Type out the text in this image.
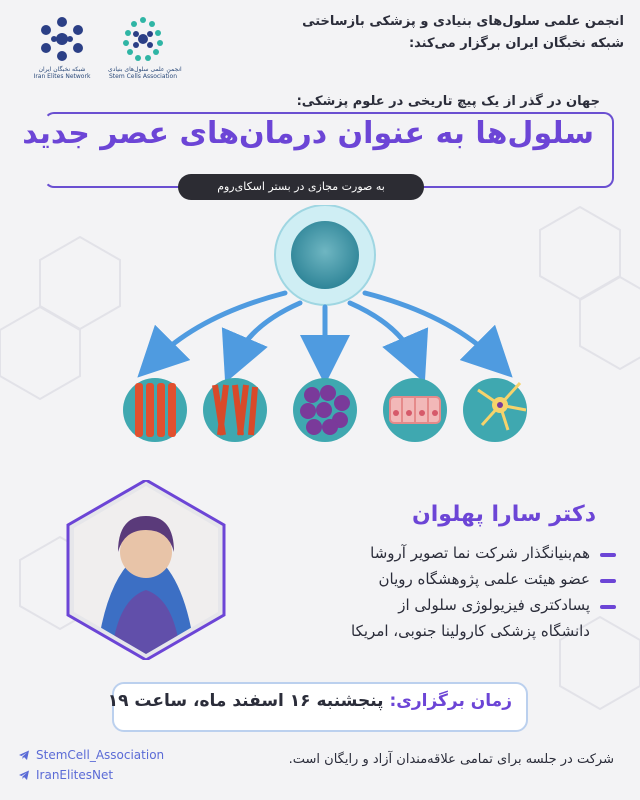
انجمن علمی سلول‌های بنیادی و پزشکی بازساختی
شبکه نخبگان ایران برگزار می‌کند:
شبکه نخبگان ایران
Iran Elites Network
انجمن علمی سلول‌های بنیادی
Stem Cells Association
جهان در گذر از یک پیچ تاریخی در علوم پزشکی:
سلول‌ها به عنوان درمان‌های عصر جدید
به صورت مجازی در بستر اسکای‌روم
دکتر سارا پهلوان
هم‌بنیانگذار شرکت نما تصویر آروشا
عضو هیئت علمی پژوهشگاه رویان
پسادکتری فیزیولوژی سلولی از
دانشگاه پزشکی کارولینا جنوبی، امریکا
زمان برگزاری: پنجشنبه ۱۶ اسفند ماه، ساعت ۱۹
شرکت در جلسه برای تمامی علاقه‌مندان آزاد و رایگان است.
StemCell_Association
IranElitesNet
